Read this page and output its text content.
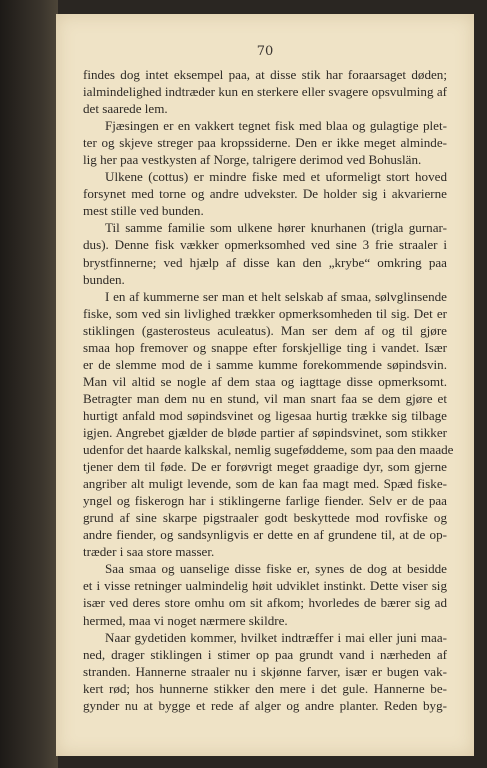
70
findes dog intet eksempel paa, at disse stik har foraarsaget døden;
ialmindelighed indtræder kun en sterkere eller svagere opsvulming af
det saarede lem.
Fjæsingen er en vakkert tegnet fisk med blaa og gulagtige plet-
ter og skjeve streger paa kropssiderne. Den er ikke meget alminde-
lig her paa vestkysten af Norge, talrigere derimod ved Bohuslän.
Ulkene (cottus) er mindre fiske med et uformeligt stort hoved
forsynet med torne og andre udvekster. De holder sig i akvarierne
mest stille ved bunden.
Til samme familie som ulkene hører knurhanen (trigla gurnar-
dus). Denne fisk vækker opmerksomhed ved sine 3 frie straaler i
brystfinnerne; ved hjælp af disse kan den „krybe“ omkring paa
bunden.
I en af kummerne ser man et helt selskab af smaa, sølvglinsende
fiske, som ved sin livlighed trækker opmerksomheden til sig. Det er
stiklingen (gasterosteus aculeatus). Man ser dem af og til gjøre
smaa hop fremover og snappe efter forskjellige ting i vandet. Især
er de slemme mod de i samme kumme forekommende søpindsvin.
Man vil altid se nogle af dem staa og iagttage disse opmerksomt.
Betragter man dem nu en stund, vil man snart faa se dem gjøre et
hurtigt anfald mod søpindsvinet og ligesaa hurtig trække sig tilbage
igjen. Angrebet gjælder de bløde partier af søpindsvinet, som stikker
udenfor det haarde kalkskal, nemlig sugeføddeme, som paa den maade
tjener dem til føde. De er forøvrigt meget graadige dyr, som gjerne
angriber alt muligt levende, som de kan faa magt med. Spæd fiske-
yngel og fiskerogn har i stiklingerne farlige fiender. Selv er de paa
grund af sine skarpe pigstraaler godt beskyttede mod rovfiske og
andre fiender, og sandsynligvis er dette en af grundene til, at de op-
træder i saa store masser.
Saa smaa og uanselige disse fiske er, synes de dog at besidde
et i visse retninger ualmindelig høit udviklet instinkt. Dette viser sig
især ved deres store omhu om sit afkom; hvorledes de bærer sig ad
hermed, maa vi noget nærmere skildre.
Naar gydetiden kommer, hvilket indtræffer i mai eller juni maa-
ned, drager stiklingen i stimer op paa grundt vand i nærheden af
stranden. Hannerne straaler nu i skjønne farver, især er bugen vak-
kert rød; hos hunnerne stikker den mere i det gule. Hannerne be-
gynder nu at bygge et rede af alger og andre planter. Reden byg-
